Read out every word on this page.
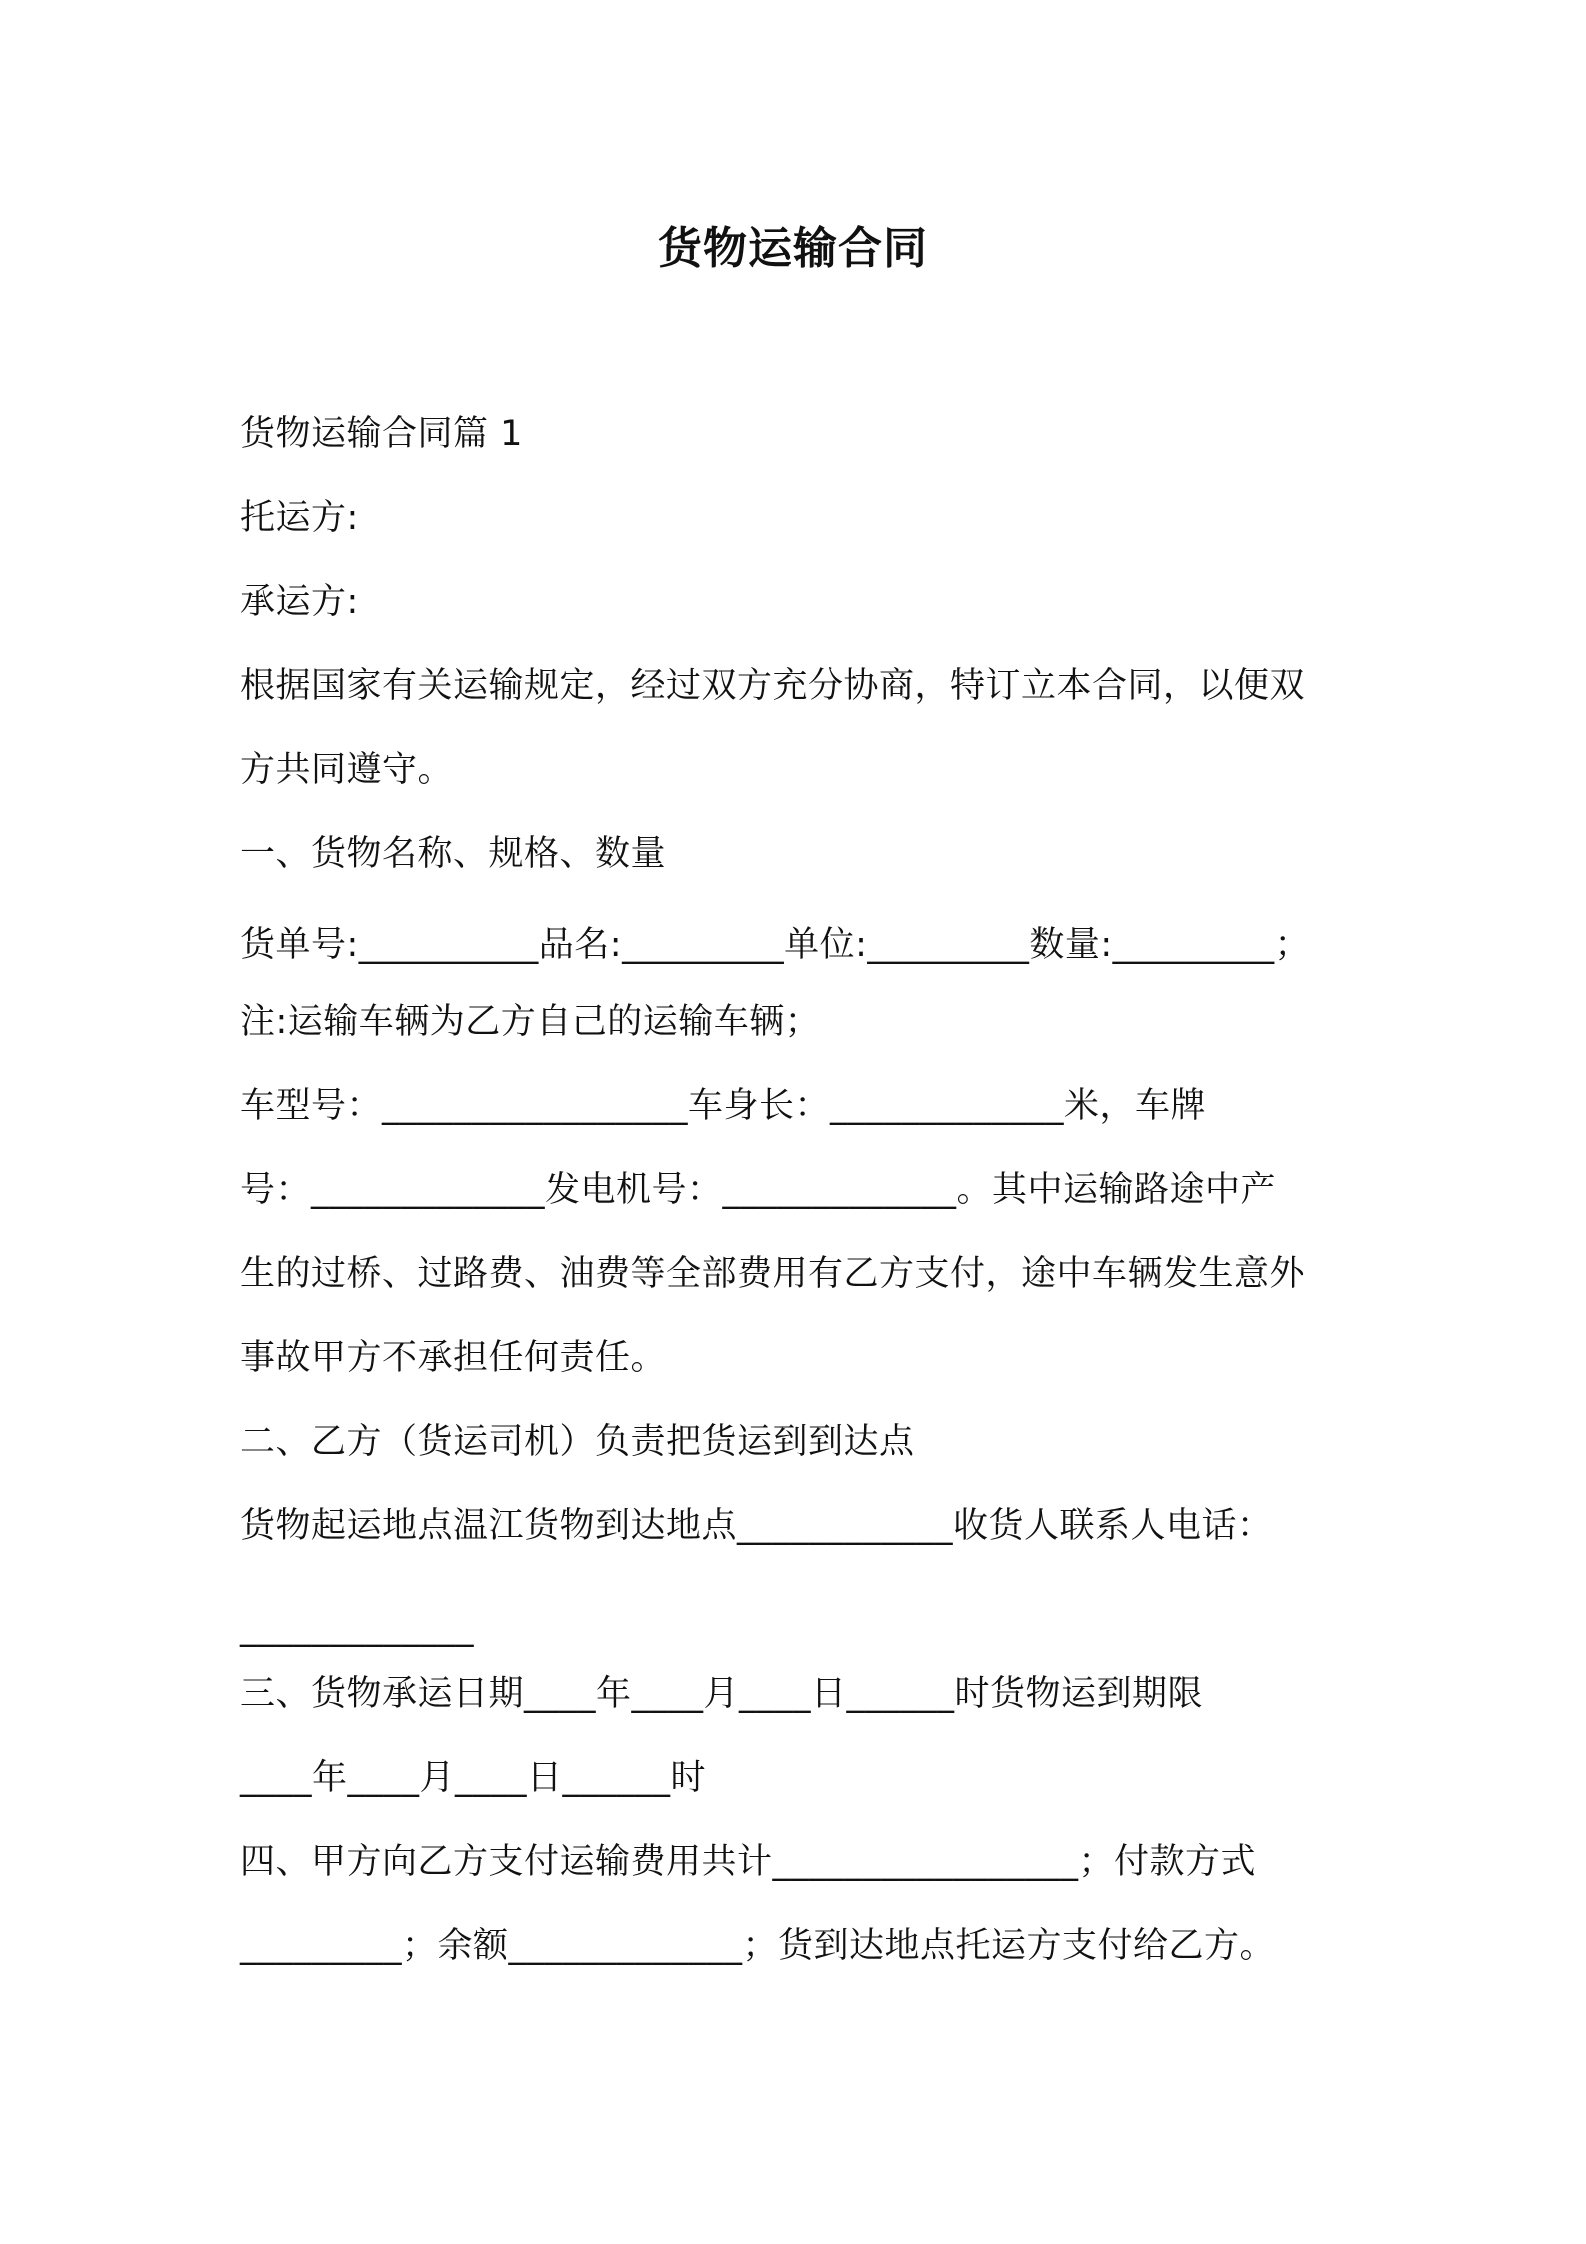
货物运输合同
货物运输合同篇 1
托运方:
承运方:
根据国家有关运输规定，经过双方充分协商，特订立本合同，以便双
方共同遵守。
一、货物名称、规格、数量
货单号:__________品名:_________单位:_________数量:_________；
注:运输车辆为乙方自己的运输车辆；
车型号：_________________车身长：_____________米，车牌
号：_____________发电机号：_____________。其中运输路途中产
生的过桥、过路费、油费等全部费用有乙方支付，途中车辆发生意外
事故甲方不承担任何责任。
二、乙方（货运司机）负责把货运到到达点
货物起运地点温江货物到达地点____________收货人联系人电话：
_____________
三、货物承运日期____年____月____日______时货物运到期限
____年____月____日______时
四、甲方向乙方支付运输费用共计_________________；付款方式
_________；余额_____________；货到达地点托运方支付给乙方。
